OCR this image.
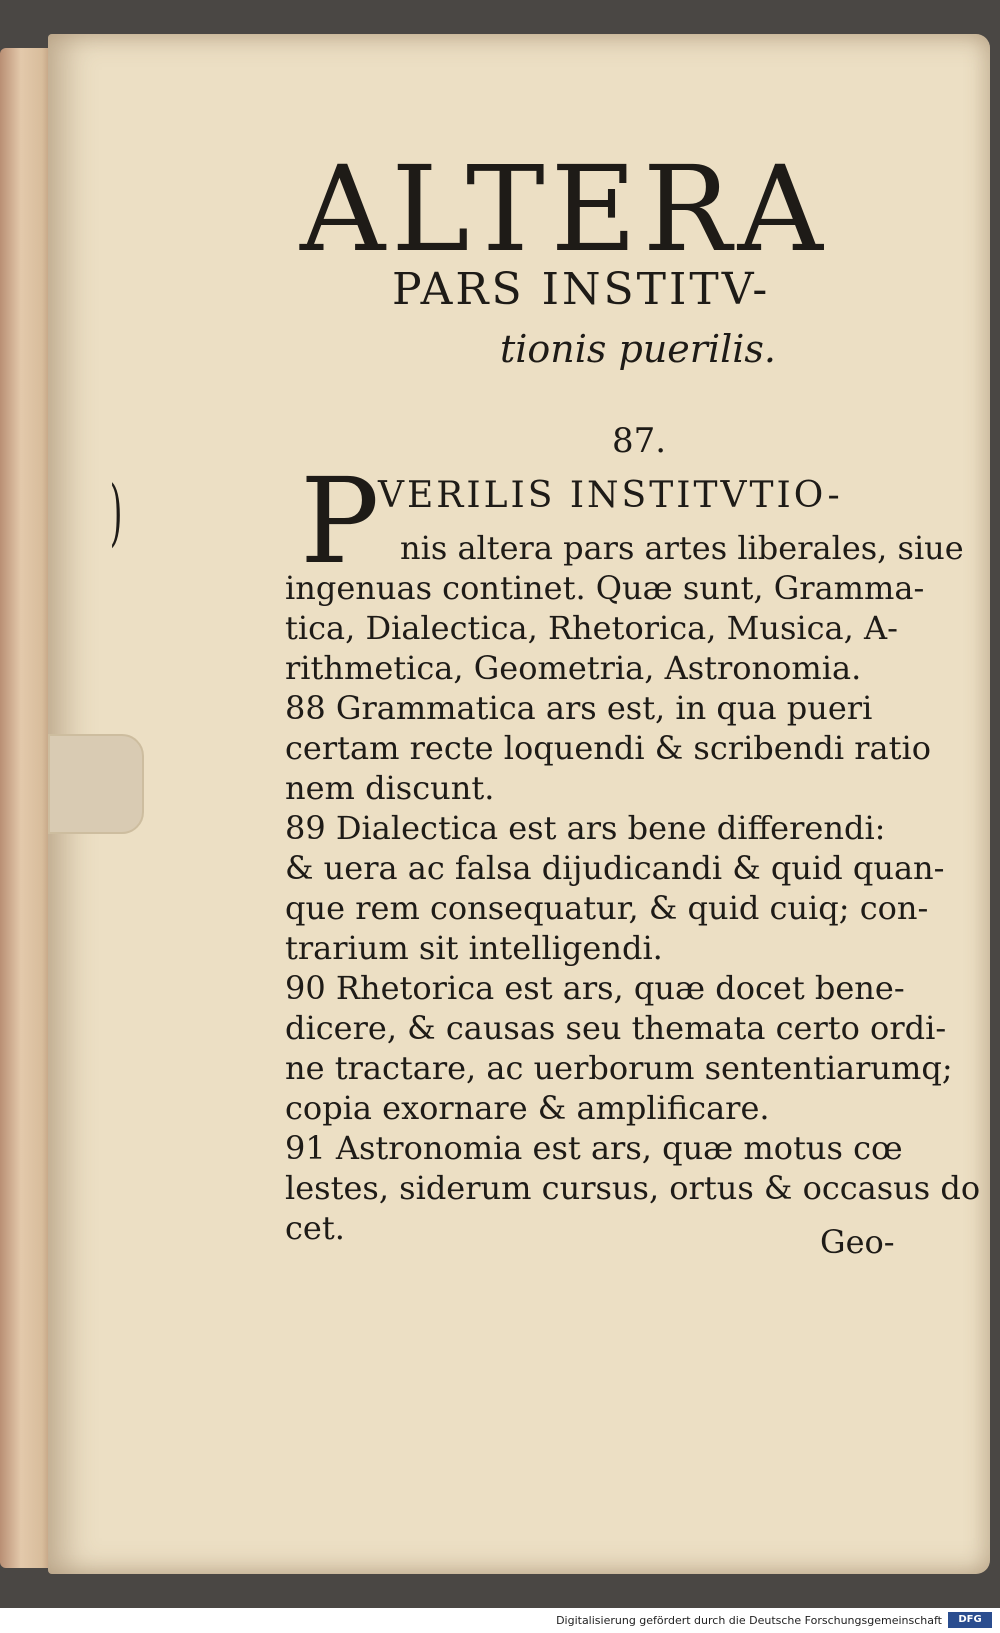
)
ALTERA
PARS INSTITV-
tionis puerilis.
87.
P
VERILIS INSTITVTIO-
nis altera pars artes liberales, siue
ingenuas continet. Quæ sunt, Gramma-
tica, Dialectica, Rhetorica, Musica, A-
rithmetica, Geometria, Astronomia.
88 Grammatica ars est, in qua pueri
certam recte loquendi & scribendi ratio
nem discunt.
89 Dialectica est ars bene differendi:
& uera ac falsa dijudicandi & quid quan-
que rem consequatur, & quid cuiq; con-
trarium sit intelligendi.
90 Rhetorica est ars, quæ docet bene-
dicere, & causas seu themata certo ordi-
ne tractare, ac uerborum sententiarumq;
copia exornare & amplificare.
91 Astronomia est ars, quæ motus cœ
lestes, siderum cursus, ortus & occasus do
cet.	Geo-
Digitalisierung gefördert durch die Deutsche Forschungsgemeinschaft	DFG
